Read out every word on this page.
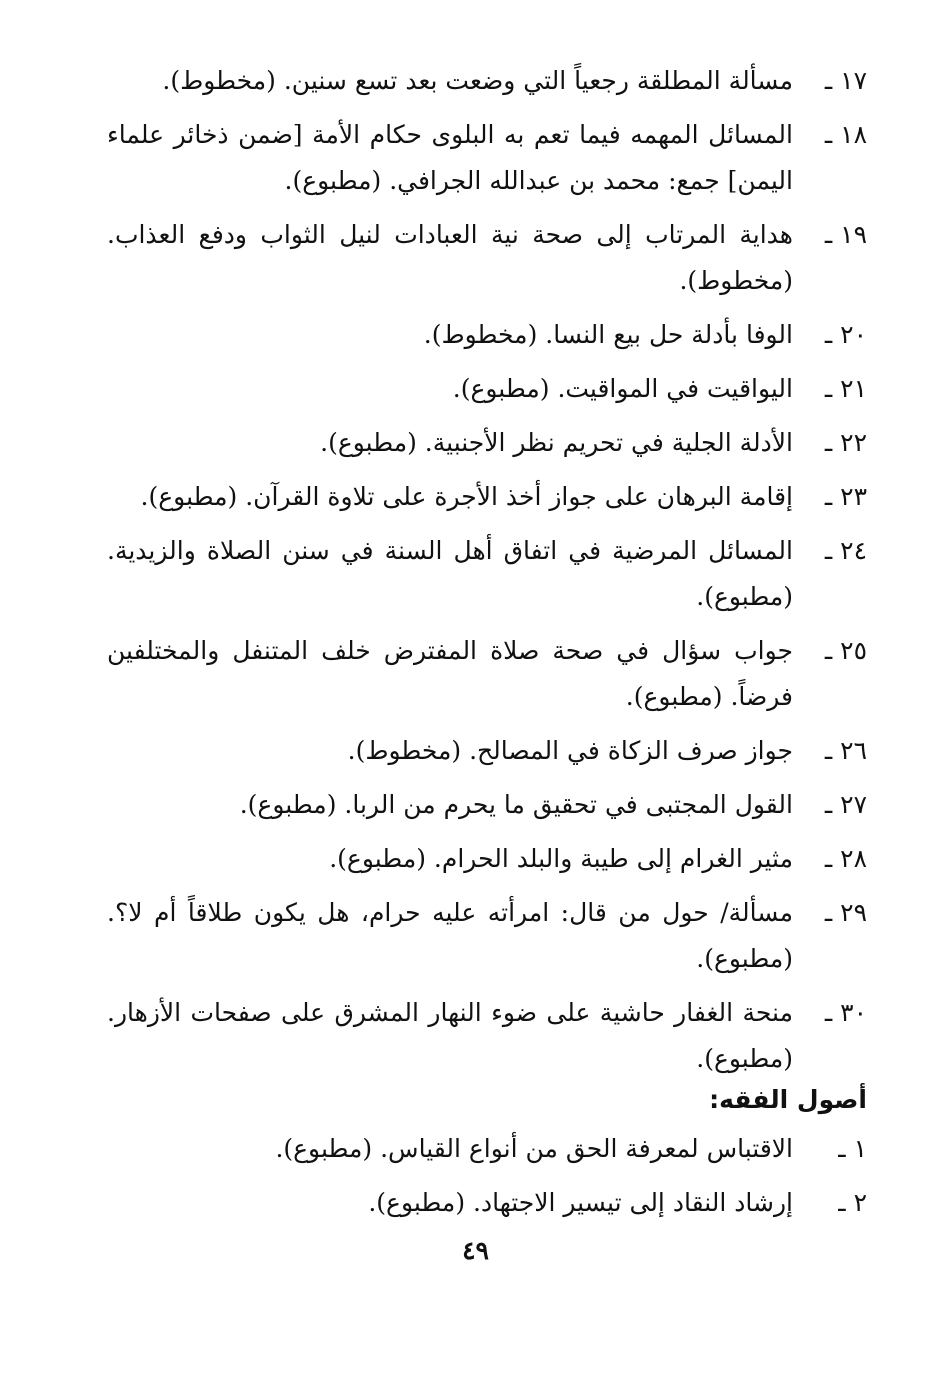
١٧ ـ
مسألة المطلقة رجعياً التي وضعت بعد تسع سنين. (مخطوط).
١٨ ـ
المسائل المهمه فيما تعم به البلوى حكام الأمة [ضمن ذخائر علماء اليمن] جمع: محمد بن عبدالله الجرافي. (مطبوع).
١٩ ـ
هداية المرتاب إلى صحة نية العبادات لنيل الثواب ودفع العذاب. (مخطوط).
٢٠ ـ
الوفا بأدلة حل بيع النسا. (مخطوط).
٢١ ـ
اليواقيت في المواقيت. (مطبوع).
٢٢ ـ
الأدلة الجلية في تحريم نظر الأجنبية. (مطبوع).
٢٣ ـ
إقامة البرهان على جواز أخذ الأجرة على تلاوة القرآن. (مطبوع).
٢٤ ـ
المسائل المرضية في اتفاق أهل السنة في سنن الصلاة والزيدية. (مطبوع).
٢٥ ـ
جواب سؤال في صحة صلاة المفترض خلف المتنفل والمختلفين فرضاً. (مطبوع).
٢٦ ـ
جواز صرف الزكاة في المصالح. (مخطوط).
٢٧ ـ
القول المجتبى في تحقيق ما يحرم من الربا. (مطبوع).
٢٨ ـ
مثير الغرام إلى طيبة والبلد الحرام. (مطبوع).
٢٩ ـ
مسألة/ حول من قال: امرأته عليه حرام، هل يكون طلاقاً أم لا؟. (مطبوع).
٣٠ ـ
منحة الغفار حاشية على ضوء النهار المشرق على صفحات الأزهار. (مطبوع).
أصول الفقه:
١ ـ
الاقتباس لمعرفة الحق من أنواع القياس. (مطبوع).
٢ ـ
إرشاد النقاد إلى تيسير الاجتهاد. (مطبوع).
٤٩
